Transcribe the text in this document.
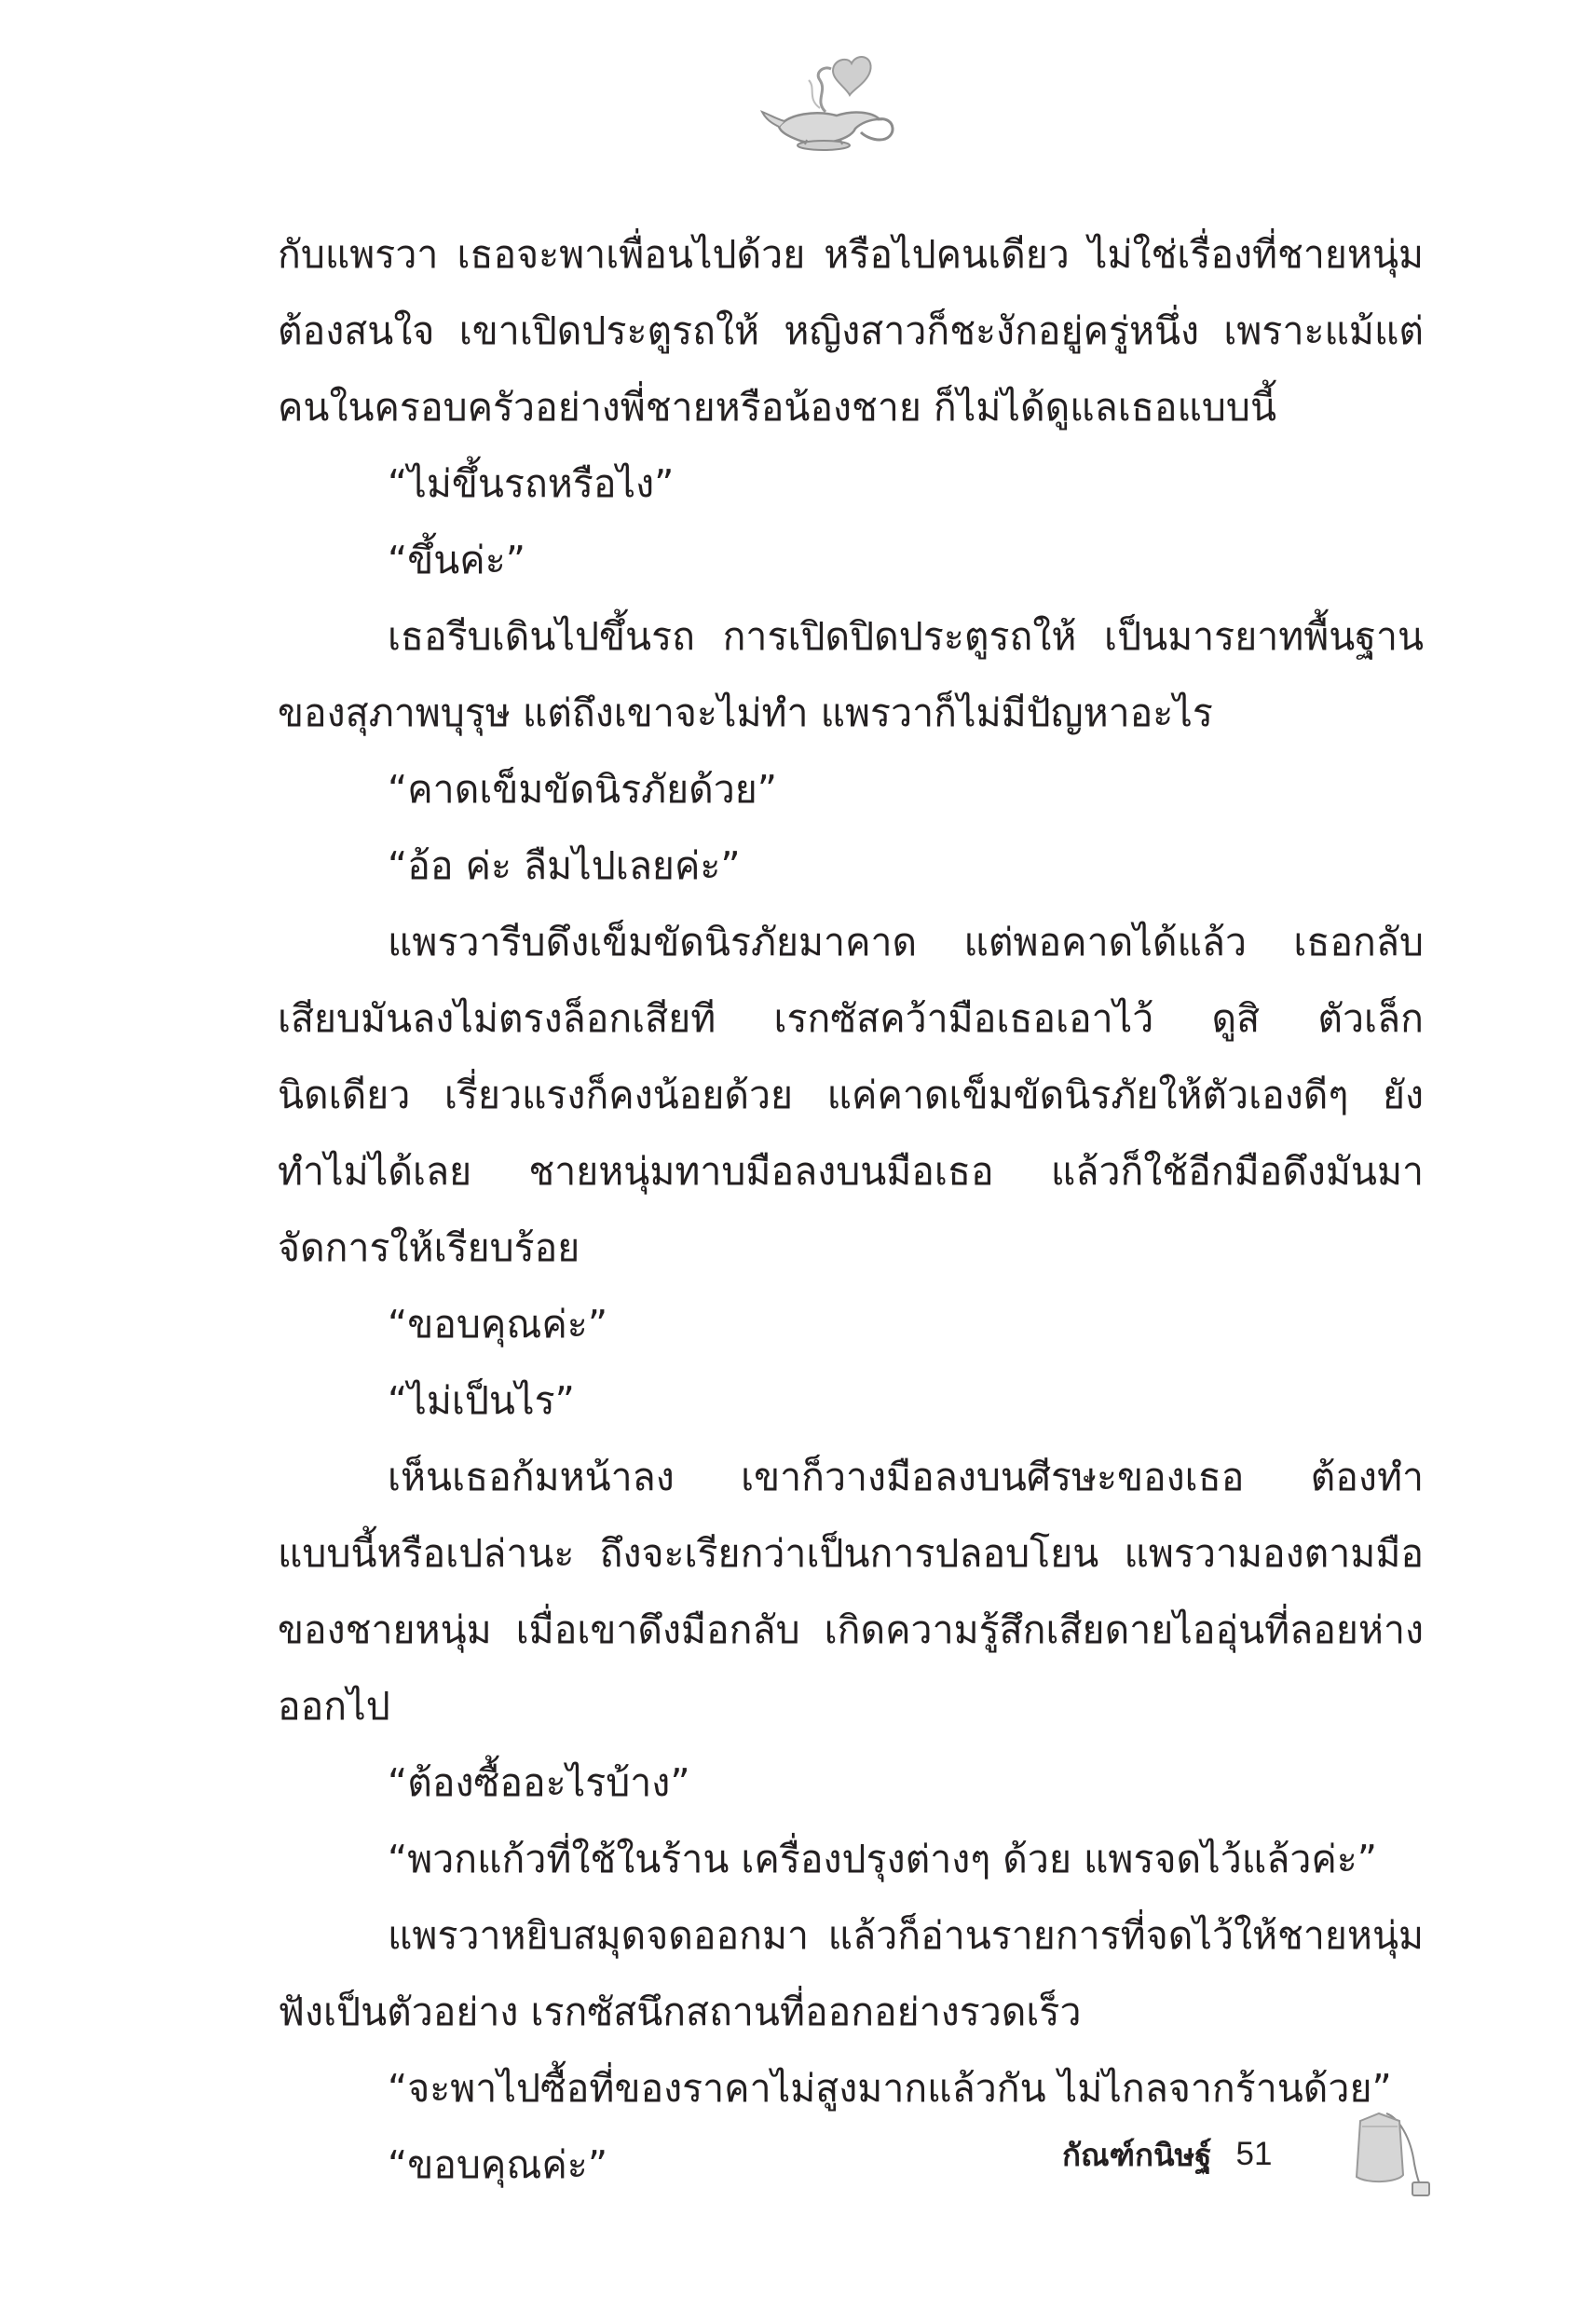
กับแพรวา เธอจะพาเพื่อนไปด้วย หรือไปคนเดียว ไม่ใช่เรื่องที่ชายหนุ่ม

ต้องสนใจ เขาเปิดประตูรถให้ หญิงสาวก็ชะงักอยู่ครู่หนึ่ง เพราะแม้แต่

คนในครอบครัวอย่างพี่ชายหรือน้องชาย ก็ไม่ได้ดูแลเธอแบบนี้

“ไม่ขึ้นรถหรือไง”

“ขึ้นค่ะ”

เธอรีบเดินไปขึ้นรถ การเปิดปิดประตูรถให้ เป็นมารยาทพื้นฐาน

ของสุภาพบุรุษ แต่ถึงเขาจะไม่ทำ แพรวาก็ไม่มีปัญหาอะไร

“คาดเข็มขัดนิรภัยด้วย”

“อ้อ ค่ะ ลืมไปเลยค่ะ”

แพรวารีบดึงเข็มขัดนิรภัยมาคาด แต่พอคาดได้แล้ว เธอกลับ

เสียบมันลงไม่ตรงล็อกเสียที เรกซัสคว้ามือเธอเอาไว้ ดูสิ ตัวเล็ก

นิดเดียว เรี่ยวแรงก็คงน้อยด้วย แค่คาดเข็มขัดนิรภัยให้ตัวเองดีๆ ยัง

ทำไม่ได้เลย ชายหนุ่มทาบมือลงบนมือเธอ แล้วก็ใช้อีกมือดึงมันมา

จัดการให้เรียบร้อย

“ขอบคุณค่ะ”

“ไม่เป็นไร”

เห็นเธอก้มหน้าลง เขาก็วางมือลงบนศีรษะของเธอ ต้องทำ

แบบนี้หรือเปล่านะ ถึงจะเรียกว่าเป็นการปลอบโยน แพรวามองตามมือ

ของชายหนุ่ม เมื่อเขาดึงมือกลับ เกิดความรู้สึกเสียดายไออุ่นที่ลอยห่าง

ออกไป

“ต้องซื้ออะไรบ้าง”

“พวกแก้วที่ใช้ในร้าน เครื่องปรุงต่างๆ ด้วย แพรจดไว้แล้วค่ะ”

แพรวาหยิบสมุดจดออกมา แล้วก็อ่านรายการที่จดไว้ให้ชายหนุ่ม

ฟังเป็นตัวอย่าง เรกซัสนึกสถานที่ออกอย่างรวดเร็ว

“จะพาไปซื้อที่ของราคาไม่สูงมากแล้วกัน ไม่ไกลจากร้านด้วย”

“ขอบคุณค่ะ”	กัณฑ์กนิษฐ์ 51
